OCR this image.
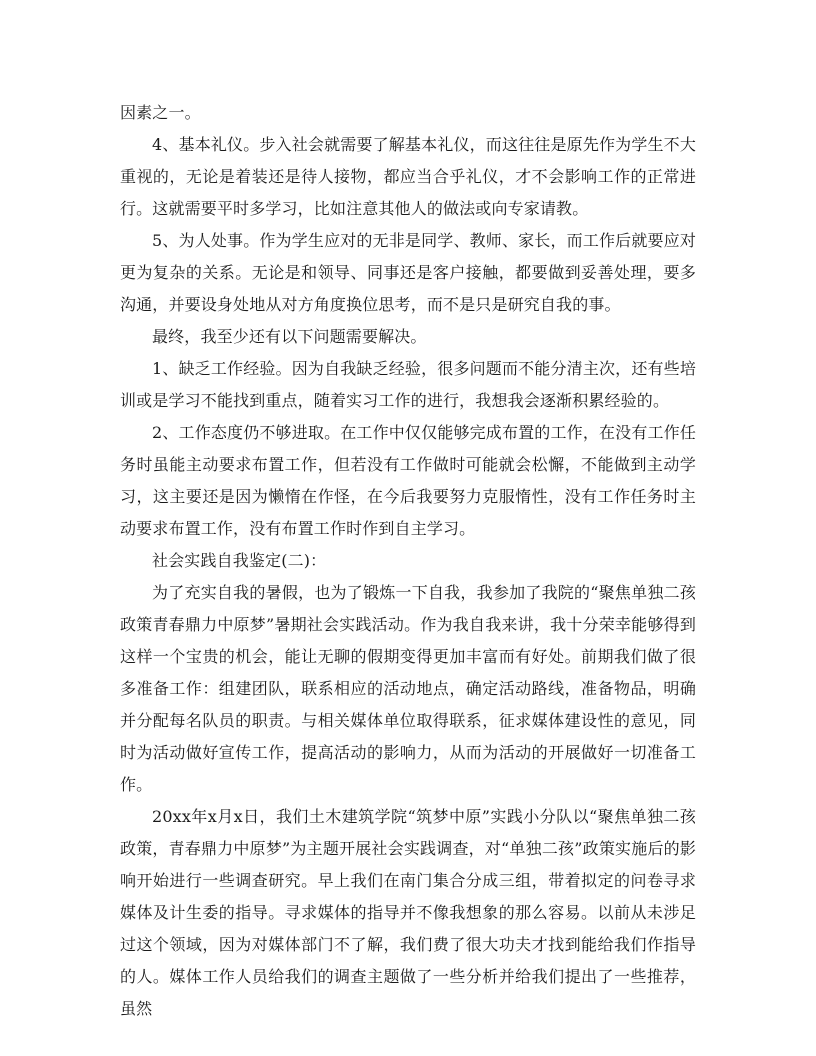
因素之一。

4、基本礼仪。步入社会就需要了解基本礼仪，而这往往是原先作为学生不大重视的，无论是着装还是待人接物，都应当合乎礼仪，才不会影响工作的正常进行。这就需要平时多学习，比如注意其他人的做法或向专家请教。

5、为人处事。作为学生应对的无非是同学、教师、家长，而工作后就要应对更为复杂的关系。无论是和领导、同事还是客户接触，都要做到妥善处理，要多沟通，并要设身处地从对方角度换位思考，而不是只是研究自我的事。

最终，我至少还有以下问题需要解决。

1、缺乏工作经验。因为自我缺乏经验，很多问题而不能分清主次，还有些培训或是学习不能找到重点，随着实习工作的进行，我想我会逐渐积累经验的。

2、工作态度仍不够进取。在工作中仅仅能够完成布置的工作，在没有工作任务时虽能主动要求布置工作，但若没有工作做时可能就会松懈，不能做到主动学习，这主要还是因为懒惰在作怪，在今后我要努力克服惰性，没有工作任务时主动要求布置工作，没有布置工作时作到自主学习。

社会实践自我鉴定(二)：

为了充实自我的暑假，也为了锻炼一下自我，我参加了我院的“聚焦单独二孩政策青春鼎力中原梦”暑期社会实践活动。作为我自我来讲，我十分荣幸能够得到这样一个宝贵的机会，能让无聊的假期变得更加丰富而有好处。前期我们做了很多准备工作：组建团队，联系相应的活动地点，确定活动路线，准备物品，明确并分配每名队员的职责。与相关媒体单位取得联系，征求媒体建设性的意见，同时为活动做好宣传工作，提高活动的影响力，从而为活动的开展做好一切准备工作。

20xx年x月x日，我们土木建筑学院“筑梦中原”实践小分队以“聚焦单独二孩政策，青春鼎力中原梦”为主题开展社会实践调查，对“单独二孩”政策实施后的影响开始进行一些调查研究。早上我们在南门集合分成三组，带着拟定的问卷寻求媒体及计生委的指导。寻求媒体的指导并不像我想象的那么容易。以前从未涉足过这个领域，因为对媒体部门不了解，我们费了很大功夫才找到能给我们作指导的人。媒体工作人员给我们的调查主题做了一些分析并给我们提出了一些推荐，虽然
